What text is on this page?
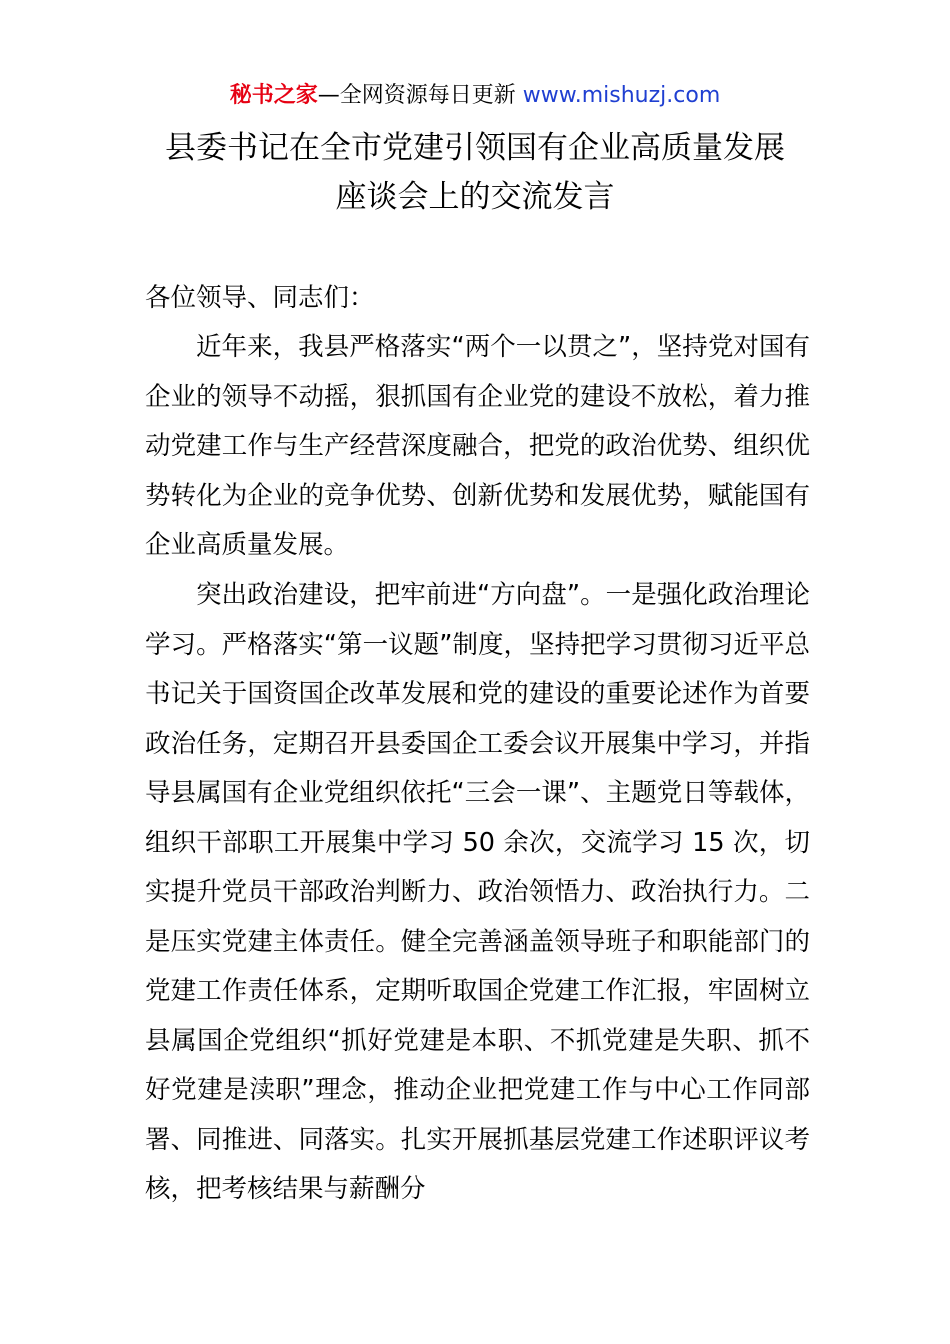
秘书之家—全网资源每日更新 www.mishuzj.com
县委书记在全市党建引领国有企业高质量发展
座谈会上的交流发言
各位领导、同志们：

近年来，我县严格落实“两个一以贯之”，坚持党对国有企业的领导不动摇，狠抓国有企业党的建设不放松，着力推动党建工作与生产经营深度融合，把党的政治优势、组织优势转化为企业的竞争优势、创新优势和发展优势，赋能国有企业高质量发展。

突出政治建设，把牢前进“方向盘”。一是强化政治理论学习。严格落实“第一议题”制度，坚持把学习贯彻习近平总书记关于国资国企改革发展和党的建设的重要论述作为首要政治任务，定期召开县委国企工委会议开展集中学习，并指导县属国有企业党组织依托“三会一课”、主题党日等载体，组织干部职工开展集中学习 50 余次，交流学习 15 次，切实提升党员干部政治判断力、政治领悟力、政治执行力。二是压实党建主体责任。健全完善涵盖领导班子和职能部门的党建工作责任体系，定期听取国企党建工作汇报，牢固树立县属国企党组织“抓好党建是本职、不抓党建是失职、抓不好党建是渎职”理念，推动企业把党建工作与中心工作同部署、同推进、同落实。扎实开展抓基层党建工作述职评议考核，把考核结果与薪酬分
